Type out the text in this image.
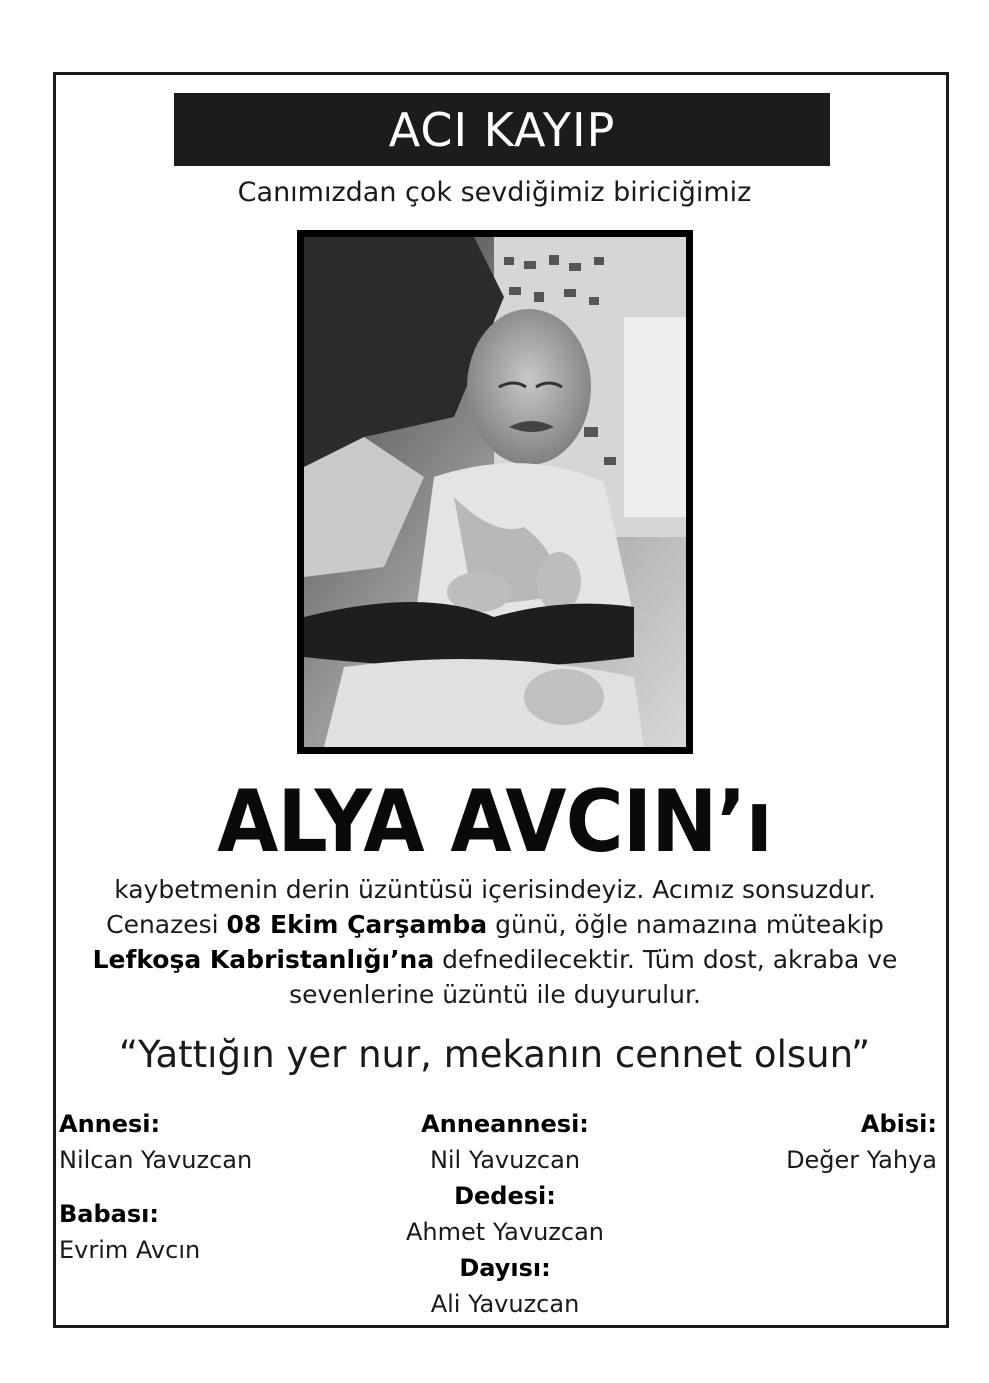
ACI KAYIP
Canımızdan çok sevdiğimiz biriciğimiz
ALYA AVCIN’ı
kaybetmenin derin üzüntüsü içerisindeyiz. Acımız sonsuzdur.
Cenazesi 08 Ekim Çarşamba günü, öğle namazına müteakip
Lefkoşa Kabristanlığı’na defnedilecektir. Tüm dost, akraba ve
sevenlerine üzüntü ile duyurulur.
“Yattığın yer nur, mekanın cennet olsun”
Annesi:
Nilcan Yavuzcan
Babası:
Evrim Avcın
Anneannesi:
Nil Yavuzcan
Dedesi:
Ahmet Yavuzcan
Dayısı:
Ali Yavuzcan
Abisi:
Değer Yahya
